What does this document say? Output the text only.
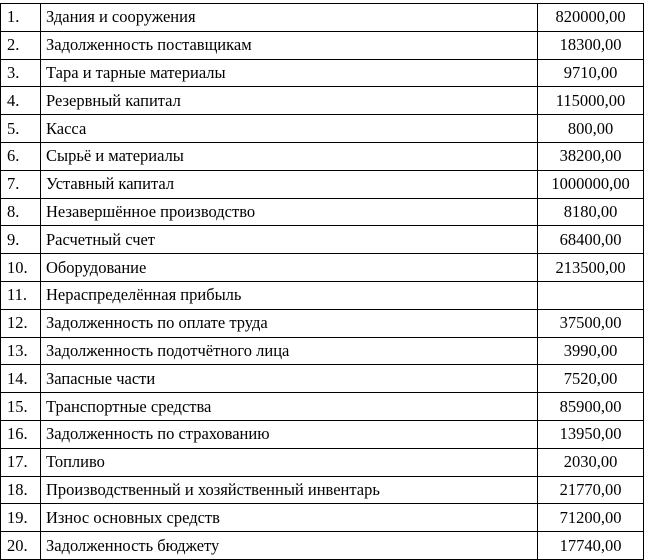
1.	Здания и сооружения	820000,00
2.	Задолженность поставщикам	18300,00
3.	Тара и тарные материалы	9710,00
4.	Резервный капитал	115000,00
5.	Касса	800,00
6.	Сырьё и материалы	38200,00
7.	Уставный капитал	1000000,00
8.	Незавершённое производство	8180,00
9.	Расчетный счет	68400,00
10.	Оборудование	213500,00
11.	Нераспределённая прибыль	
12.	Задолженность по оплате труда	37500,00
13.	Задолженность подотчётного лица	3990,00
14.	Запасные части	7520,00
15.	Транспортные средства	85900,00
16.	Задолженность по страхованию	13950,00
17.	Топливо	2030,00
18.	Производственный и хозяйственный инвентарь	21770,00
19.	Износ основных средств	71200,00
20.	Задолженность бюджету	17740,00
